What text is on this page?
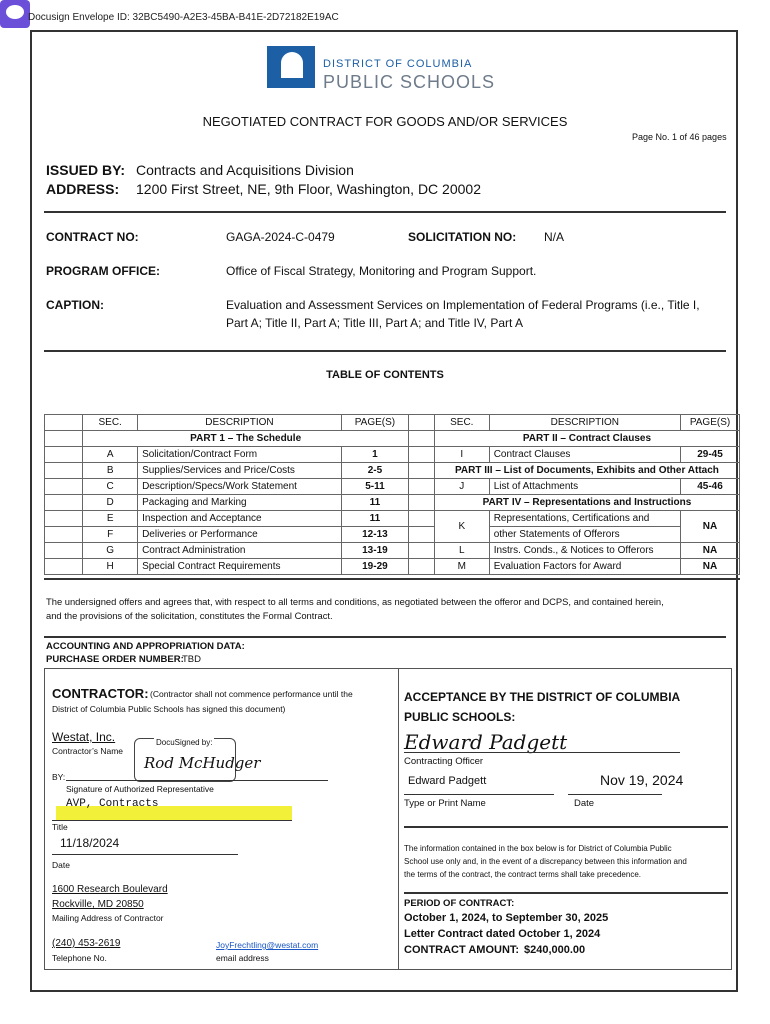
Docusign Envelope ID: 32BC5490-A2E3-45BA-B41E-2D72182E19AC
DISTRICT OF COLUMBIA
PUBLIC SCHOOLS
NEGOTIATED CONTRACT FOR GOODS AND/OR SERVICES
Page No. 1 of 46 pages
ISSUED BY: Contracts and Acquisitions Division
ADDRESS: 1200 First Street, NE, 9th Floor, Washington, DC 20002
CONTRACT NO:	GAGA-2024-C-0479	SOLICITATION NO: N/A
PROGRAM OFFICE:	Office of Fiscal Strategy, Monitoring and Program Support.
CAPTION:	Evaluation and Assessment Services on Implementation of Federal Programs (i.e., Title I,
Part A; Title II, Part A; Title III, Part A; and Title IV, Part A
TABLE OF CONTENTS
	SEC.	DESCRIPTION	PAGE(S)		SEC.	DESCRIPTION	PAGE(S)
	PART 1 – The Schedule				PART II – Contract Clauses		
	A	Solicitation/Contract Form	1		I	Contract Clauses	29-45
	B	Supplies/Services and Price/Costs	2-5		PART III – List of Documents, Exhibits and Other Attach		
	C	Description/Specs/Work Statement	5-11		J	List of Attachments	45-46
	D	Packaging and Marking	11		PART IV – Representations and Instructions		
	E	Inspection and Acceptance	11		K	Representations, Certifications and	NA
	F	Deliveries or Performance	12-13			other Statements of Offerors	
	G	Contract Administration	13-19		L	Instrs. Conds., & Notices to Offerors	NA
	H	Special Contract Requirements	19-29		M	Evaluation Factors for Award	NA
The undersigned offers and agrees that, with respect to all terms and conditions, as negotiated between the offeror and DCPS, and contained herein,
and the provisions of the solicitation, constitutes the Formal Contract.
ACCOUNTING AND APPROPRIATION DATA:
PURCHASE ORDER NUMBER:
TBD
CONTRACTOR: (Contractor shall not commence performance until the
District of Columbia Public Schools has signed this document)
Westat, Inc.
Contractor’s Name
DocuSigned by:
Rod McHudger
BY:
Signature of Authorized Representative
AVP, Contracts
Title
11/18/2024
Date
1600 Research Boulevard
Rockville, MD 20850
Mailing Address of Contractor
(240) 453-2619
Telephone No.
JoyFrechtling@westat.com
email address
ACCEPTANCE BY THE DISTRICT OF COLUMBIA
PUBLIC SCHOOLS:
Edward Padgett
Contracting Officer
Edward Padgett	Nov 19, 2024
Type or Print Name	Date
The information contained in the box below is for District of Columbia Public
School use only and, in the event of a discrepancy between this information and
the terms of the contract, the contract terms shall take precedence.
PERIOD OF CONTRACT:
October 1, 2024, to September 30, 2025
Letter Contract dated October 1, 2024
CONTRACT AMOUNT: $240,000.00
